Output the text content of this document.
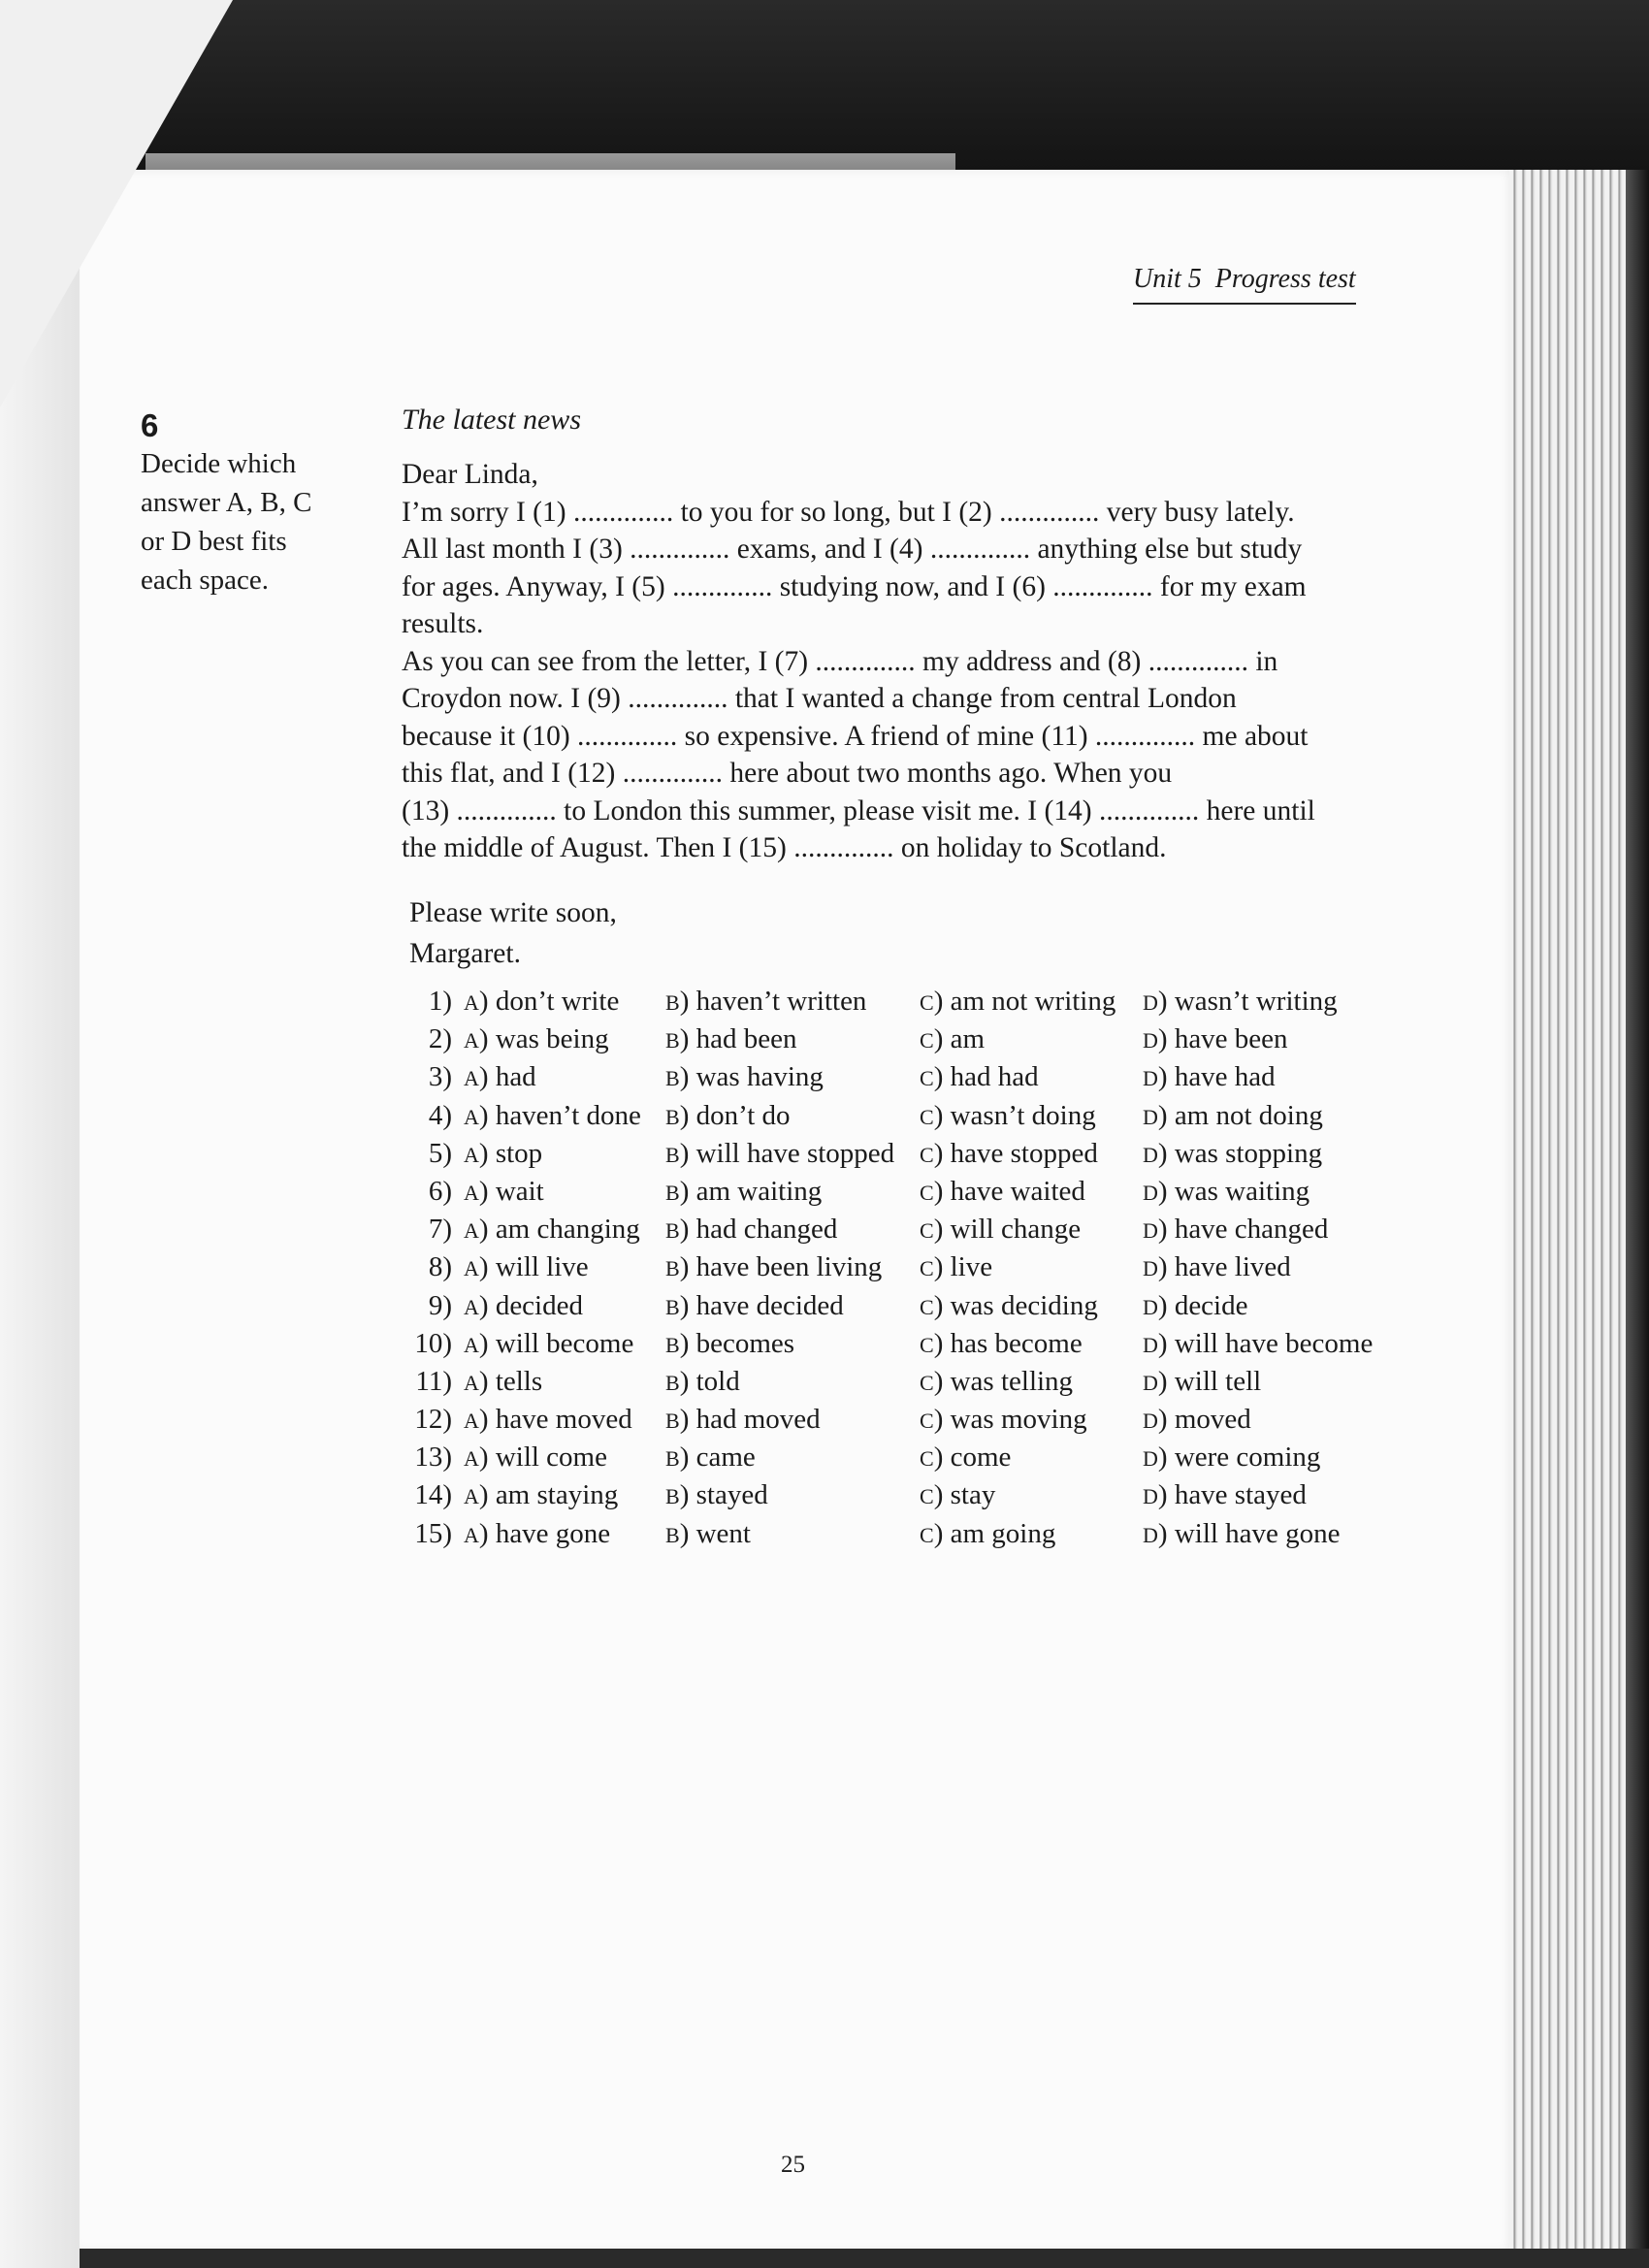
Unit 5 Progress test
6
Decide which
answer A, B, C
or D best fits
each space.
The latest news
Dear Linda,
I’m sorry I (1) .............. to you for so long, but I (2) .............. very busy lately.
All last month I (3) .............. exams, and I (4) .............. anything else but study
for ages. Anyway, I (5) .............. studying now, and I (6) .............. for my exam
results.
As you can see from the letter, I (7) .............. my address and (8) .............. in
Croydon now. I (9) .............. that I wanted a change from central London
because it (10) .............. so expensive. A friend of mine (11) .............. me about
this flat, and I (12) .............. here about two months ago. When you
(13) .............. to London this summer, please visit me. I (14) .............. here until
the middle of August. Then I (15) .............. on holiday to Scotland.
Please write soon,
Margaret.
1) A) don’t write B) haven’t written C) am not writing D) wasn’t writing
2) A) was being	B) had been	C) am	D) have been
3) A) had	B) was having	C) had had	D) have had
4) A) haven’t done B) don’t do	C) wasn’t doing D) am not doing
5) A) stop	B) will have stopped C) have stopped D) was stopping
6) A) wait	B) am waiting	C) have waited	D) was waiting
7) A) am changing B) had changed	C) will change	D) have changed
8) A) will live	B) have been living C) live	D) have lived
9) A) decided	B) have decided	C) was deciding D) decide
10) A) will become B) becomes	C) has become	D) will have become
11) A) tells	B) told	C) was telling	D) will tell
12) A) have moved B) had moved	C) was moving	D) moved
13) A) will come	B) came	C) come	D) were coming
14) A) am staying B) stayed	C) stay	D) have stayed
15) A) have gone	B) went	C) am going	D) will have gone
25
